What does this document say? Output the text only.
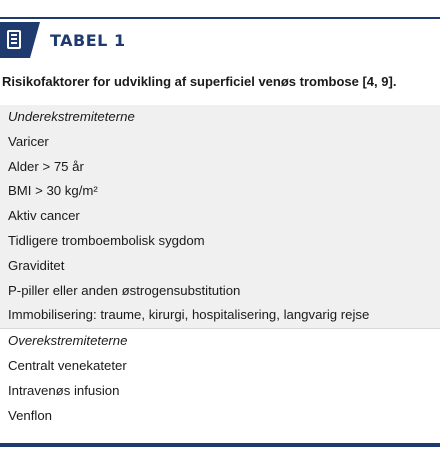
TABEL 1
Risikofaktorer for udvikling af superficiel venøs trombose [4, 9].
Underekstremiteterne
Varicer
Alder > 75 år
BMI > 30 kg/m²
Aktiv cancer
Tidligere tromboembolisk sygdom
Graviditet
P-piller eller anden østrogensubstitution
Immobilisering: traume, kirurgi, hospitalisering, langvarig rejse
Overekstremiteterne
Centralt venekateter
Intravenøs infusion
Venflon
